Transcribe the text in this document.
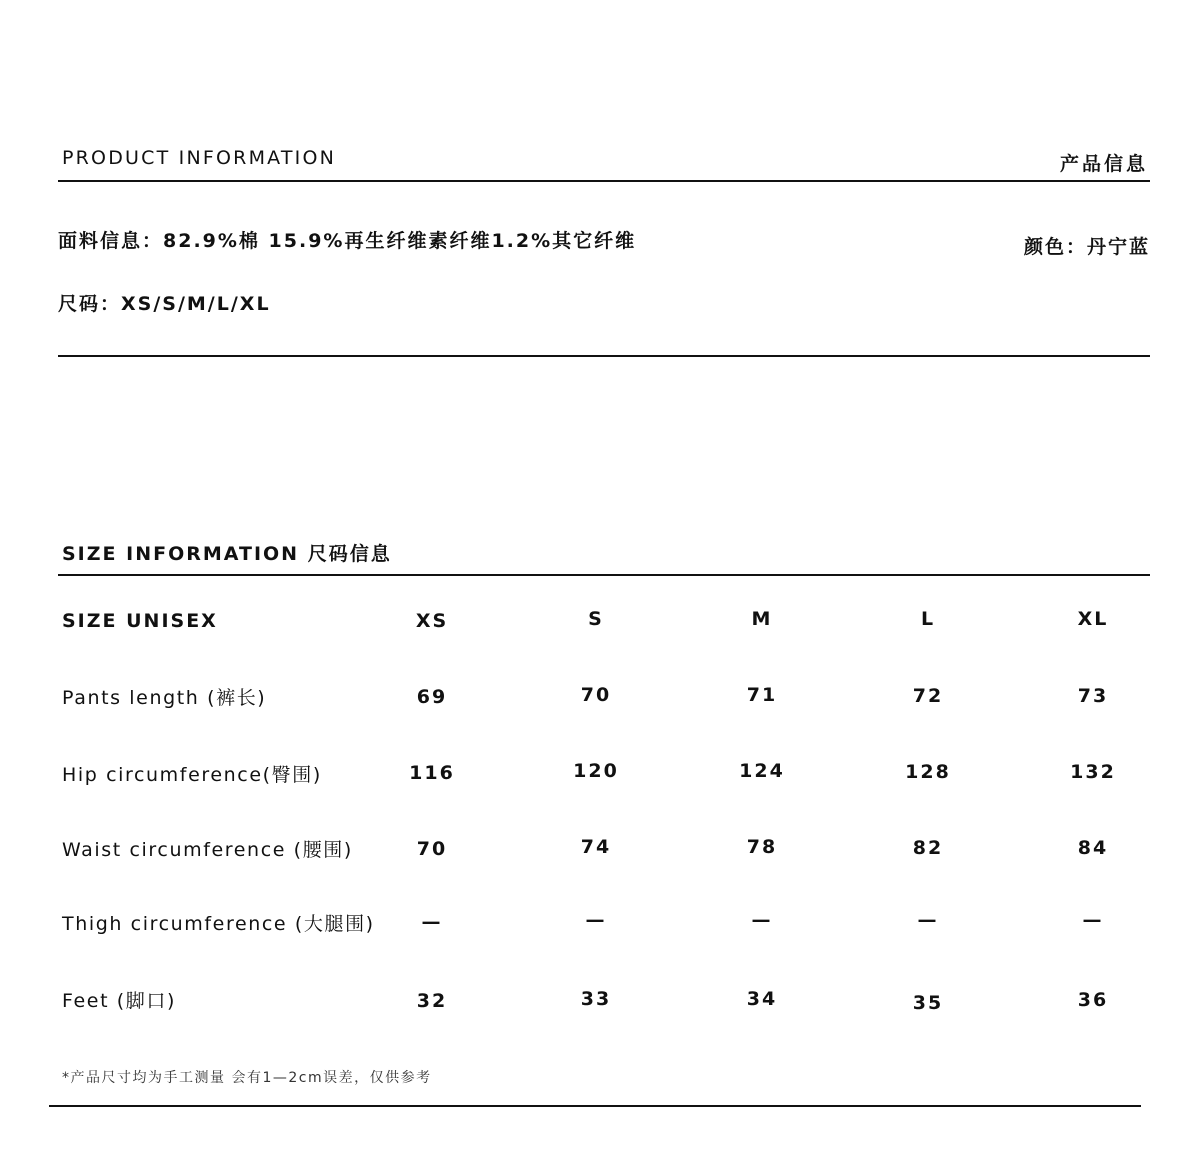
PRODUCT INFORMATION	产品信息
面料信息：82.9%棉 15.9%再生纤维素纤维1.2%其它纤维	颜色：丹宁蓝
尺码：XS/S/M/L/XL
SIZE INFORMATION 尺码信息
SIZE UNISEX	XS	S	M	L	XL
Pants length (裤长)	69	70	71	72	73
Hip circumference(臀围)	116	120	124	128	132
Waist circumference (腰围)	70	74	78	82	84
Thigh circumference (大腿围)	—	—	—	—	—
Feet (脚口)	32	33	34	35	36
*产品尺寸均为手工测量 会有1—2cm误差，仅供参考
